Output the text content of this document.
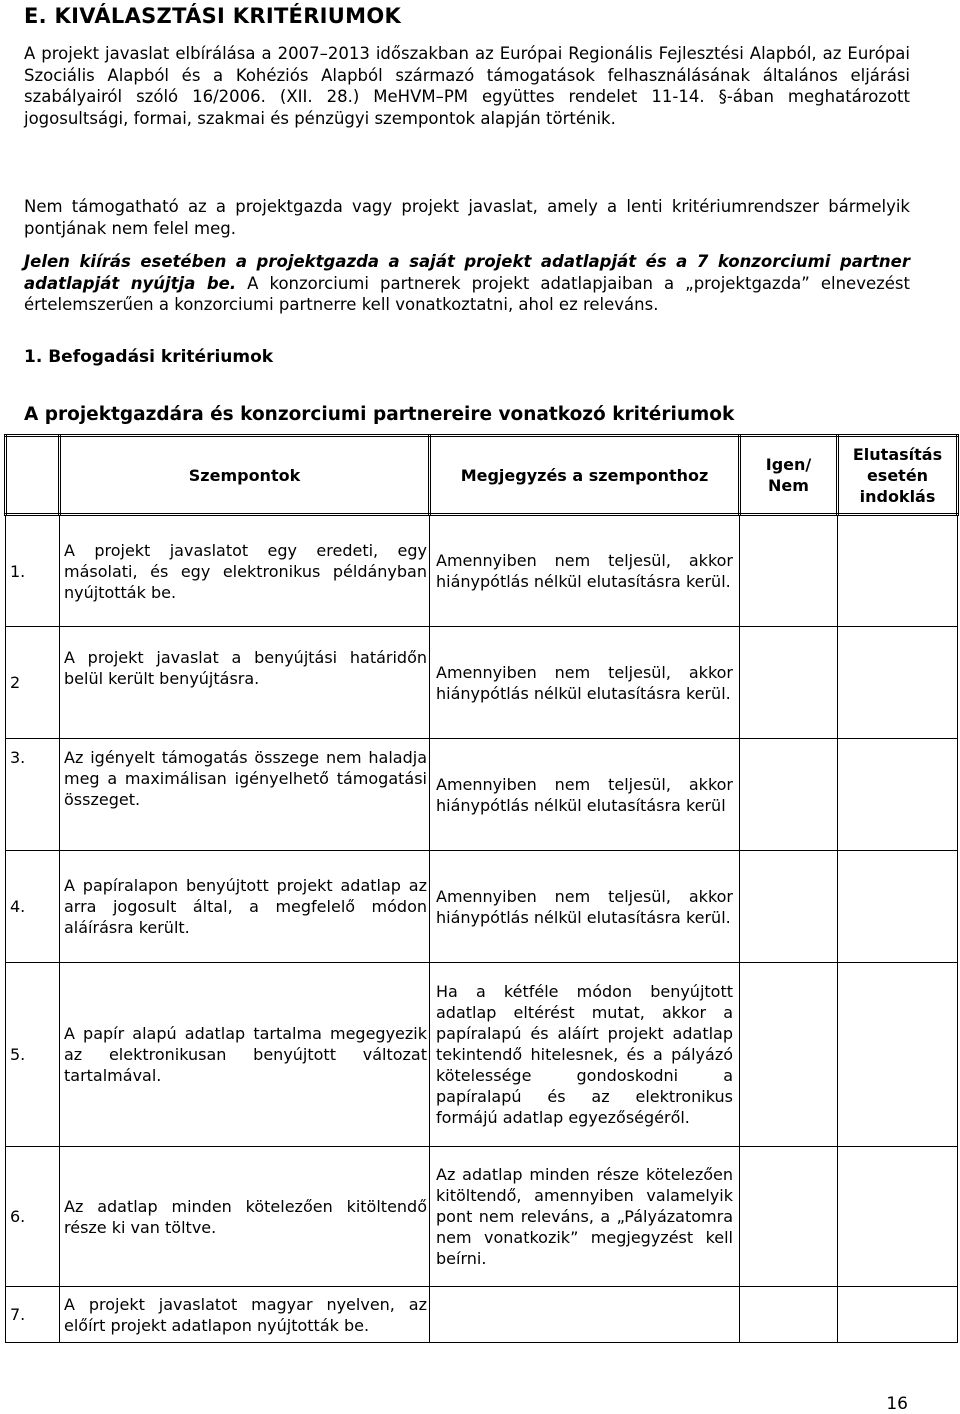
E. KIVÁLASZTÁSI KRITÉRIUMOK

A projekt javaslat elbírálása a 2007–2013 időszakban az Európai Regionális Fejlesztési Alapból, az Európai Szociális Alapból és a Kohéziós Alapból származó támogatások felhasználásának általános eljárási szabályairól szóló 16/2006. (XII. 28.) MeHVM–PM együttes rendelet 11-14. §-ában meghatározott jogosultsági, formai, szakmai és pénzügyi szempontok alapján történik.

Nem támogatható az a projektgazda vagy projekt javaslat, amely a lenti kritériumrendszer bármelyik pontjának nem felel meg.

Jelen kiírás esetében a projektgazda a saját projekt adatlapját és a 7 konzorciumi partner adatlapját nyújtja be. A konzorciumi partnerek projekt adatlapjaiban a „projektgazda” elnevezést értelemszerűen a konzorciumi partnerre kell vonatkoztatni, ahol ez releváns.

1. Befogadási kritériumok

A projektgazdára és konzorciumi partnereire vonatkozó kritériumok

	Szempontok	Megjegyzés a szemponthoz	Igen/ Nem	Elutasítás esetén indoklás

1.	A projekt javaslatot egy eredeti, egy másolati, és egy elektronikus példányban nyújtották be.	Amennyiben nem teljesül, akkor hiánypótlás nélkül elutasításra kerül.		
2	A projekt javaslat a benyújtási határidőn belül került benyújtásra.	Amennyiben nem teljesül, akkor hiánypótlás nélkül elutasításra kerül.		
3.	Az igényelt támogatás összege nem haladja meg a maximálisan igényelhető támogatási összeget.	Amennyiben nem teljesül, akkor hiánypótlás nélkül elutasításra kerül		
4.	A papíralapon benyújtott projekt adatlap az arra jogosult által, a megfelelő módon aláírásra került.	Amennyiben nem teljesül, akkor hiánypótlás nélkül elutasításra kerül.		
5.	A papír alapú adatlap tartalma megegyezik az elektronikusan benyújtott változat tartalmával.	Ha a kétféle módon benyújtott adatlap eltérést mutat, akkor a papíralapú és aláírt projekt adatlap tekintendő hitelesnek, és a pályázó kötelessége gondoskodni a papíralapú és az elektronikus formájú adatlap egyezőségéről.		
6.	Az adatlap minden kötelezően kitöltendő része ki van töltve.	Az adatlap minden része kötelezően kitöltendő, amennyiben valamelyik pont nem releváns, a „Pályázatomra nem vonatkozik” megjegyzést kell beírni.		
7.	A projekt javaslatot magyar nyelven, az előírt projekt adatlapon nyújtották be.			
16
